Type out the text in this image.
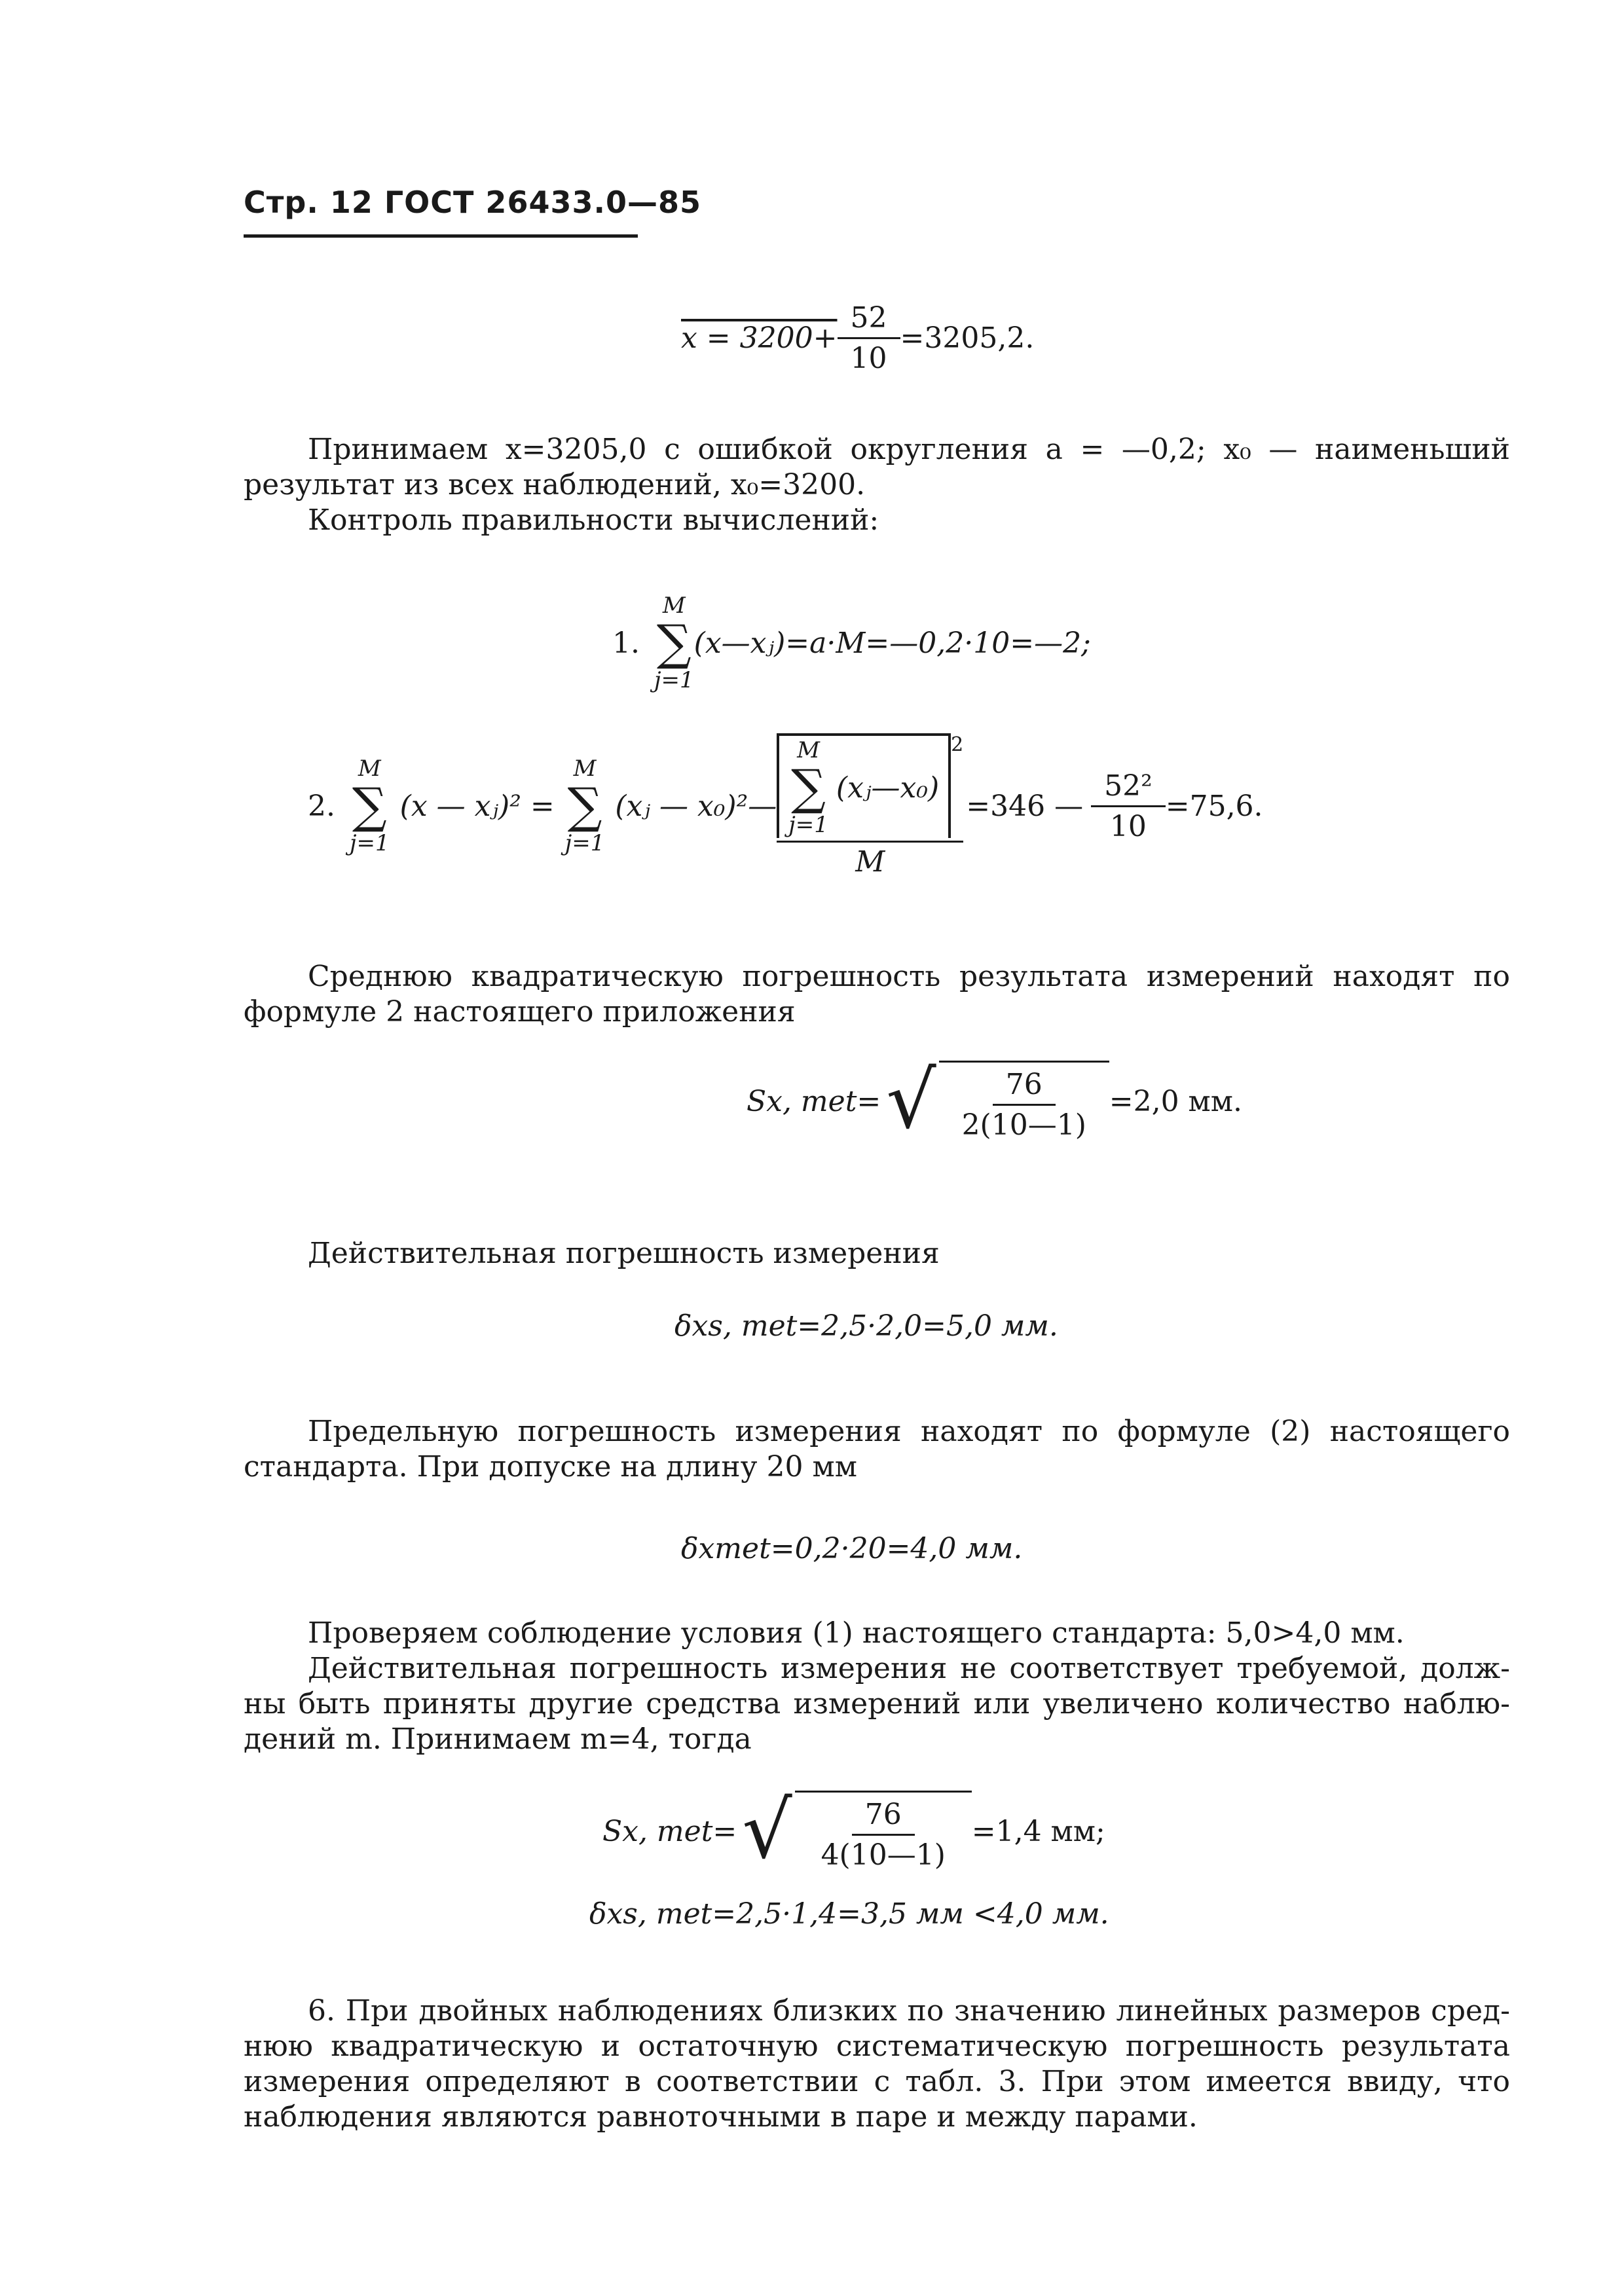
Стр. 12 ГОСТ 26433.0—85
$x = 3200+ \frac{52}{10} =3205,2$.
Принимаем x=3205,0 с ошибкой округления a = —0,2; x₀ — наименьший
результат из всех наблюдений, x₀=3200.
Контроль правильности вычислений:
1.
M
∑
j=1
(x—xⱼ)=a·M=—0,2·10=—2;
2.
M
∑
j=1
(x — xⱼ)² =
M
∑
j=1
(xⱼ — x₀)²—
M
∑
j=1
(xⱼ—x₀)
2
M
=346 — $\frac{\text{52²}}{10} =75,6$.
Среднюю квадратическую погрешность результата измерений находят по
формуле 2 настоящего приложения
Sx, met= √ $\frac{76}{2(10—1)} =2,0$ мм.
Действительная погрешность измерения
δxs, met=2,5·2,0=5,0 мм.
Предельную погрешность измерения находят по формуле (2) настоящего
стандарта. При допуске на длину 20 мм
δxmet=0,2·20=4,0 мм.
Проверяем соблюдение условия (1) настоящего стандарта: 5,0>4,0 мм.
Действительная погрешность измерения не соответствует требуемой, долж-
ны быть приняты другие средства измерений или увеличено количество наблю-
дений m. Принимаем m=4, тогда
Sx, met= √ $\frac{76}{4(10—1)} =1,4$ мм;
δxs, met=2,5·1,4=3,5 мм <4,0 мм.
6. При двойных наблюдениях близких по значению линейных размеров сред-
нюю квадратическую и остаточную систематическую погрешность результата
измерения определяют в соответствии с табл. 3. При этом имеется ввиду, что
наблюдения являются равноточными в паре и между парами.
